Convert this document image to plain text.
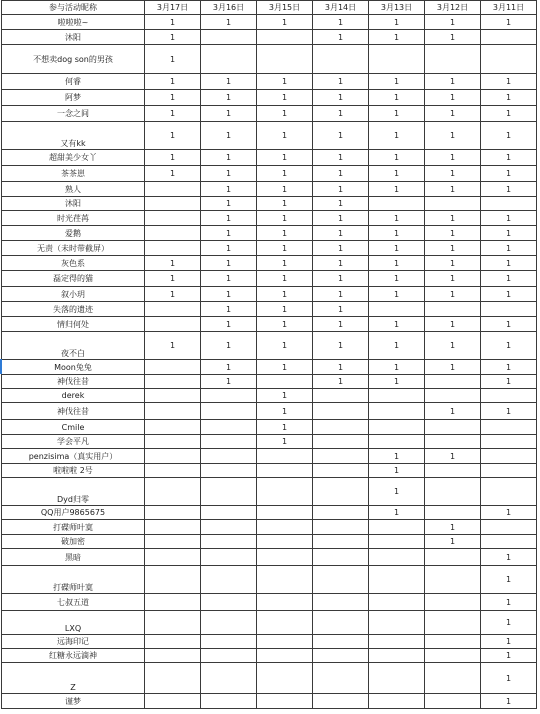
参与活动昵称	3月17日	3月16日	3月15日	3月14日	3月13日	3月12日	3月11日
啦啦啦~	1	1	1	1	1	1	1
沐阳	1			1	1	1	
不想卖dog son的男孩	1						
何睿	1	1	1	1	1	1	1
阿梦	1	1	1	1	1	1	1
一念之间	1	1	1	1	1	1	1
又有kk	1	1	1	1	1	1	1
超甜美少女丫	1	1	1	1	1	1	1
茶茶崽	1	1	1	1	1	1	1
熟人		1	1	1	1	1	1
沐阳		1	1	1			
时光荏苒		1	1	1	1	1	1
爱鹅		1	1	1	1	1	1
无责（未时带截屏）		1	1	1	1	1	1
灰色系	1	1	1	1	1	1	1
磊定得的猫	1	1	1	1	1	1	1
叙小玥	1	1	1	1	1	1	1
失落的遗迹		1	1	1			
情归何处		1	1	1	1	1	1
夜不白	1	1	1	1	1	1	1
Moon兔兔		1	1	1	1	1	1
神伐往昔		1		1	1		1
derek			1				
神伐往昔			1			1	1
Cmile			1				
学会平凡			1				
penzisima（真实用户）					1	1	
啦啦啦 2号					1		
Dyd归零					1		
QQ用户9865675					1		1
打碟师叶寞						1	
破加密						1	
黑暗							1
打碟师叶寞							1
七叔五道							1
LXQ							1
远海印记							1
红糖永远滴神							1
Z							1
谨梦							1
